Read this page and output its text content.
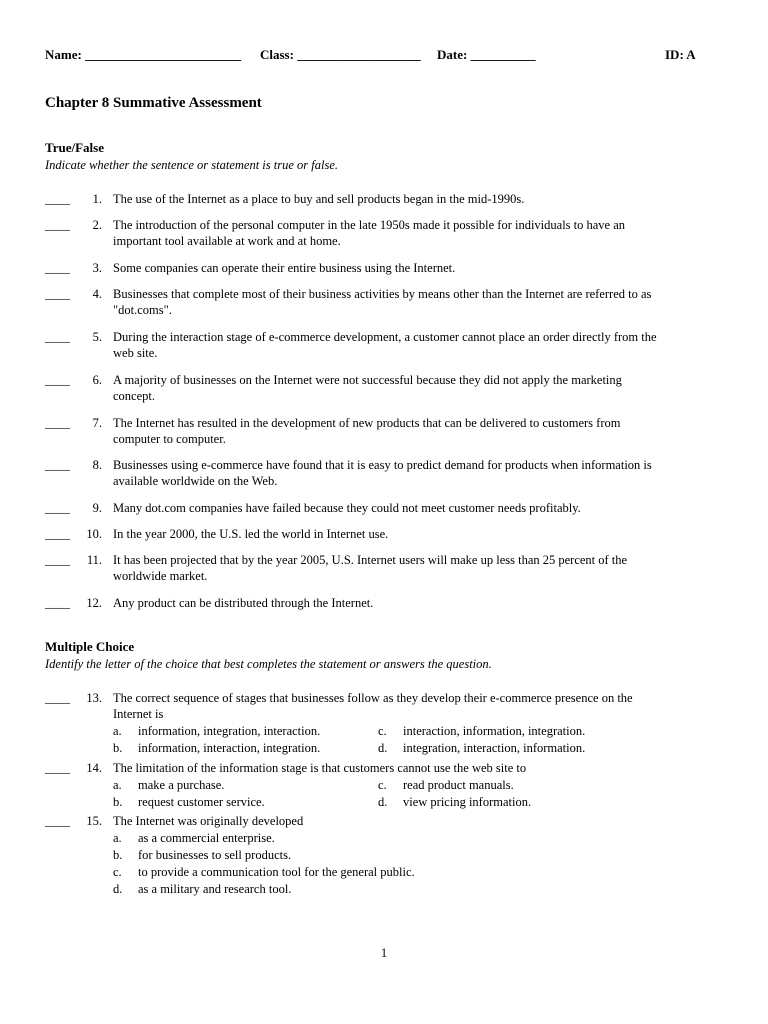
Name: ________________________ Class: ___________________ Date: __________	ID: A
Chapter 8 Summative Assessment
True/False
Indicate whether the sentence or statement is true or false.
____	1. The use of the Internet as a place to buy and sell products began in the mid-1990s.
____	2. The introduction of the personal computer in the late 1950s made it possible for individuals to have an
important tool available at work and at home.
____	3. Some companies can operate their entire business using the Internet.
____	4. Businesses that complete most of their business activities by means other than the Internet are referred to as
"dot.coms".
____	5. During the interaction stage of e-commerce development, a customer cannot place an order directly from the
web site.
____	6. A majority of businesses on the Internet were not successful because they did not apply the marketing
concept.
____	7. The Internet has resulted in the development of new products that can be delivered to customers from
computer to computer.
____	8. Businesses using e-commerce have found that it is easy to predict demand for products when information is
available worldwide on the Web.
____	9. Many dot.com companies have failed because they could not meet customer needs profitably.
____	10. In the year 2000, the U.S. led the world in Internet use.
____	11. It has been projected that by the year 2005, U.S. Internet users will make up less than 25 percent of the
worldwide market.
____	12. Any product can be distributed through the Internet.
Multiple Choice
Identify the letter of the choice that best completes the statement or answers the question.
____	13. The correct sequence of stages that businesses follow as they develop their e-commerce presence on the
Internet is
a. information, integration, interaction.
b. information, interaction, integration.
c. interaction, information, integration.
d. integration, interaction, information.
____	14. The limitation of the information stage is that customers cannot use the web site to
a. make a purchase.
b. request customer service.
c. read product manuals.
d. view pricing information.
____	15. The Internet was originally developed
a. as a commercial enterprise.
b. for businesses to sell products.
c. to provide a communication tool for the general public.
d. as a military and research tool.
1
